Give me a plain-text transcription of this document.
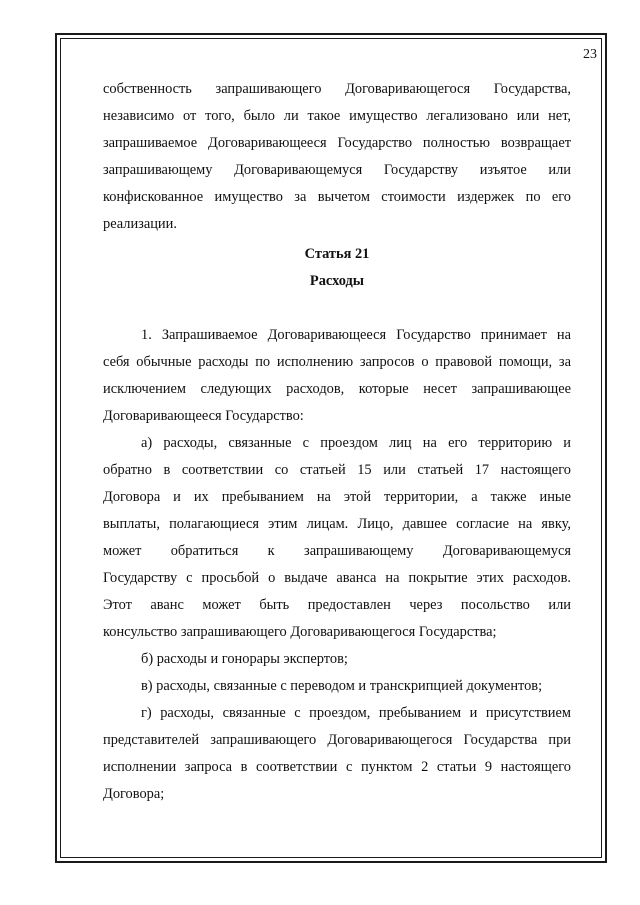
23

собственность запрашивающего Договаривающегося Государства,

независимо от того, было ли такое имущество легализовано или нет,

запрашиваемое Договаривающееся Государство полностью возвращает

запрашивающему Договаривающемуся Государству изъятое или

конфискованное имущество за вычетом стоимости издержек по его

реализации.

Статья 21
Расходы

1. Запрашиваемое Договаривающееся Государство принимает на

себя обычные расходы по исполнению запросов о правовой помощи, за

исключением следующих расходов, которые несет запрашивающее

Договаривающееся Государство:

а) расходы, связанные с проездом лиц на его территорию и

обратно в соответствии со статьей 15 или статьей 17 настоящего

Договора и их пребыванием на этой территории, а также иные

выплаты, полагающиеся этим лицам. Лицо, давшее согласие на явку,

может обратиться к запрашивающему Договаривающемуся

Государству с просьбой о выдаче аванса на покрытие этих расходов.

Этот аванс может быть предоставлен через посольство или

консульство запрашивающего Договаривающегося Государства;

б) расходы и гонорары экспертов;

в) расходы, связанные с переводом и транскрипцией документов;

г) расходы, связанные с проездом, пребыванием и присутствием

представителей запрашивающего Договаривающегося Государства при

исполнении запроса в соответствии с пунктом 2 статьи 9 настоящего

Договора;
